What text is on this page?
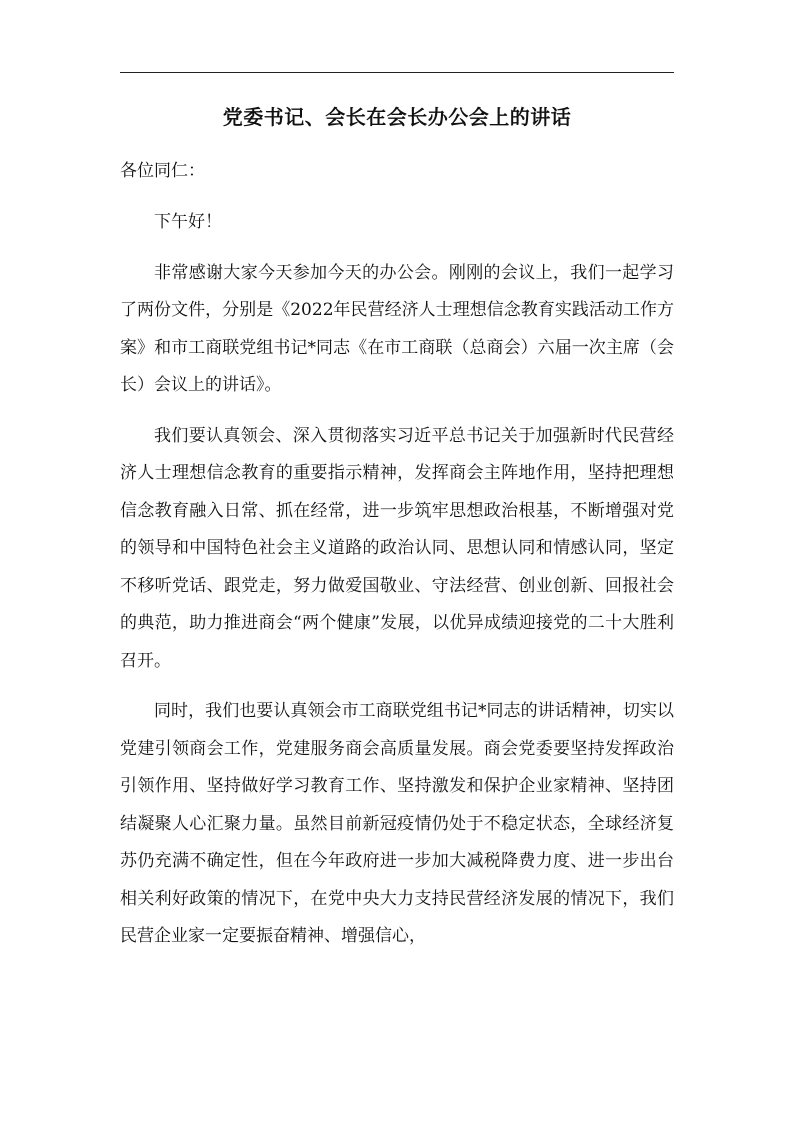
党委书记、会长在会长办公会上的讲话
各位同仁：

下午好！

非常感谢大家今天参加今天的办公会。刚刚的会议上，我们一起学习了两份文件，分别是《2022年民营经济人士理想信念教育实践活动工作方案》和市工商联党组书记*同志《在市工商联（总商会）六届一次主席（会长）会议上的讲话》。

我们要认真领会、深入贯彻落实习近平总书记关于加强新时代民营经济人士理想信念教育的重要指示精神，发挥商会主阵地作用，坚持把理想信念教育融入日常、抓在经常，进一步筑牢思想政治根基，不断增强对党的领导和中国特色社会主义道路的政治认同、思想认同和情感认同，坚定不移听党话、跟党走，努力做爱国敬业、守法经营、创业创新、回报社会的典范，助力推进商会“两个健康”发展，以优异成绩迎接党的二十大胜利召开。

同时，我们也要认真领会市工商联党组书记*同志的讲话精神，切实以党建引领商会工作，党建服务商会高质量发展。商会党委要坚持发挥政治引领作用、坚持做好学习教育工作、坚持激发和保护企业家精神、坚持团结凝聚人心汇聚力量。虽然目前新冠疫情仍处于不稳定状态，全球经济复苏仍充满不确定性，但在今年政府进一步加大减税降费力度、进一步出台相关利好政策的情况下，在党中央大力支持民营经济发展的情况下，我们民营企业家一定要振奋精神、增强信心，
